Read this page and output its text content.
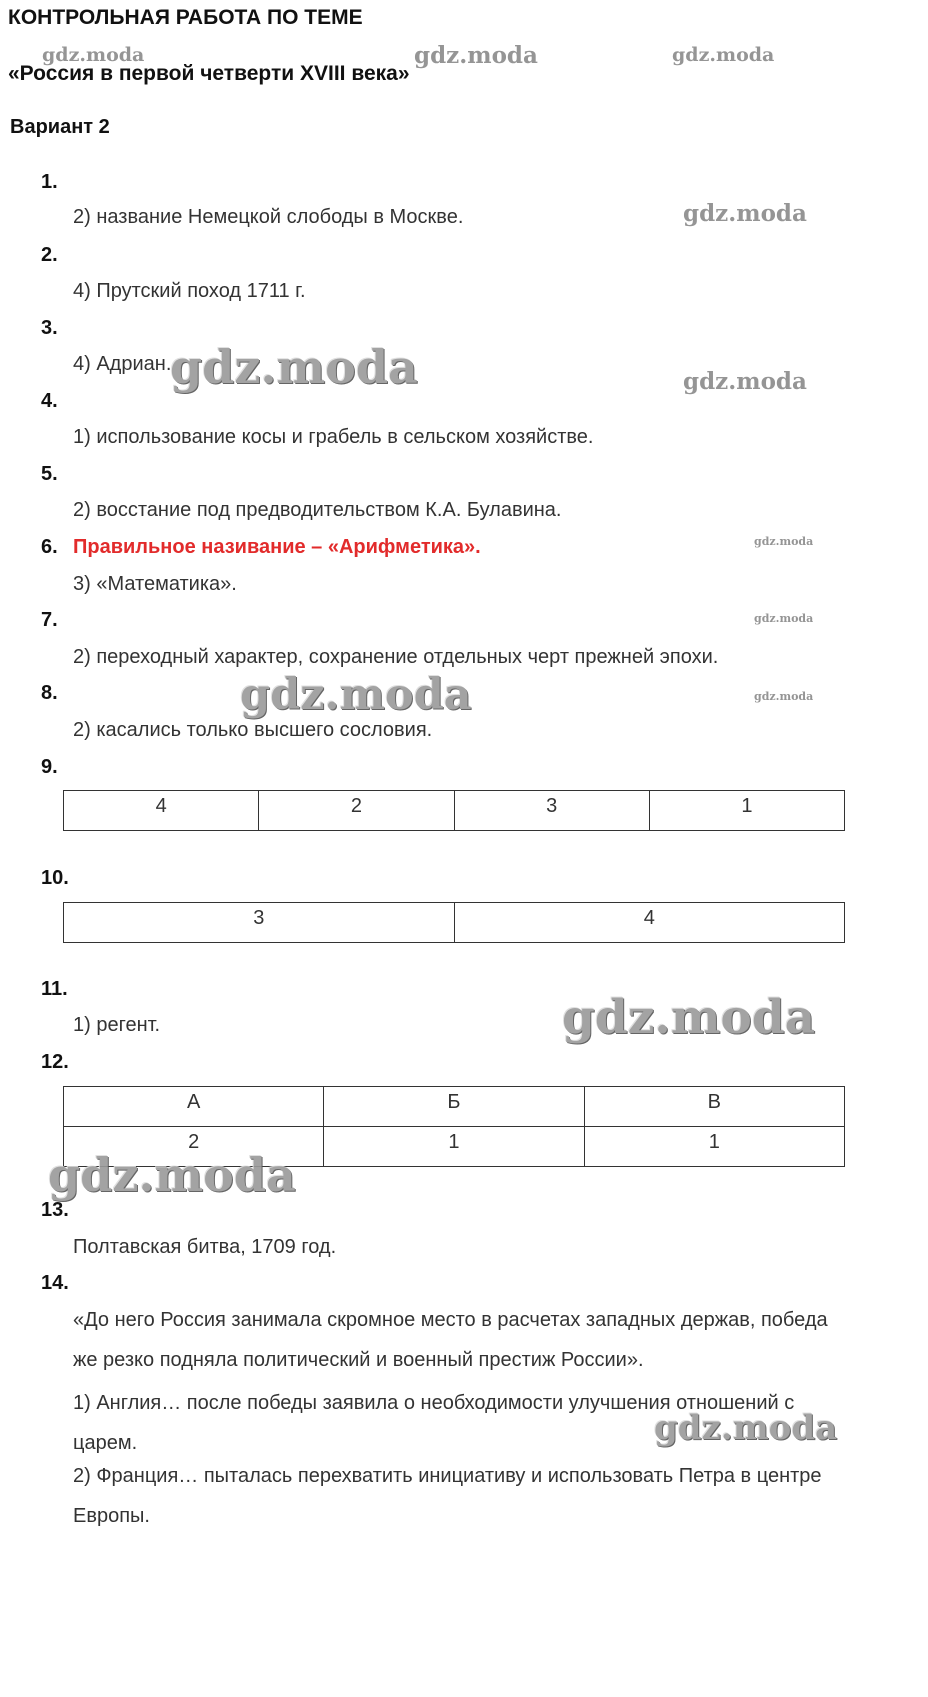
КОНТРОЛЬНАЯ РАБОТА ПО ТЕМЕ
«Россия в первой четверти XVIII века»
Вариант 2
1.
2) название Немецкой слободы в Москве.
2.
4) Прутский поход 1711 г.
3.
4) Адриан.
4.
1) использование косы и грабель в сельском хозяйстве.
5.
2) восстание под предводительством К.А. Булавина.
6. Правильное називание – «Арифметика».
3) «Математика».
7.
2) переходный характер, сохранение отдельных черт прежней эпохи.
8.
2) касались только высшего сословия.
9.
4	2	3	1
10.
3	4
11.
1) регент.
12.
А	Б	В
2	1	1
13.
Полтавская битва, 1709 год.
14.
«До него Россия занимала скромное место в расчетах западных держав, победа же резко подняла политический и военный престиж России».
1) Англия… после победы заявила о необходимости улучшения отношений с царем.
2) Франция… пыталась перехватить инициативу и использовать Петра в центре Европы.
gdz.moda	gdz.moda	gdz.moda
gdz.moda
gdz.moda	gdz.moda
gdz.moda
gdz.moda
gdz.moda	gdz.moda
gdz.moda
gdz.moda
gdz.moda
